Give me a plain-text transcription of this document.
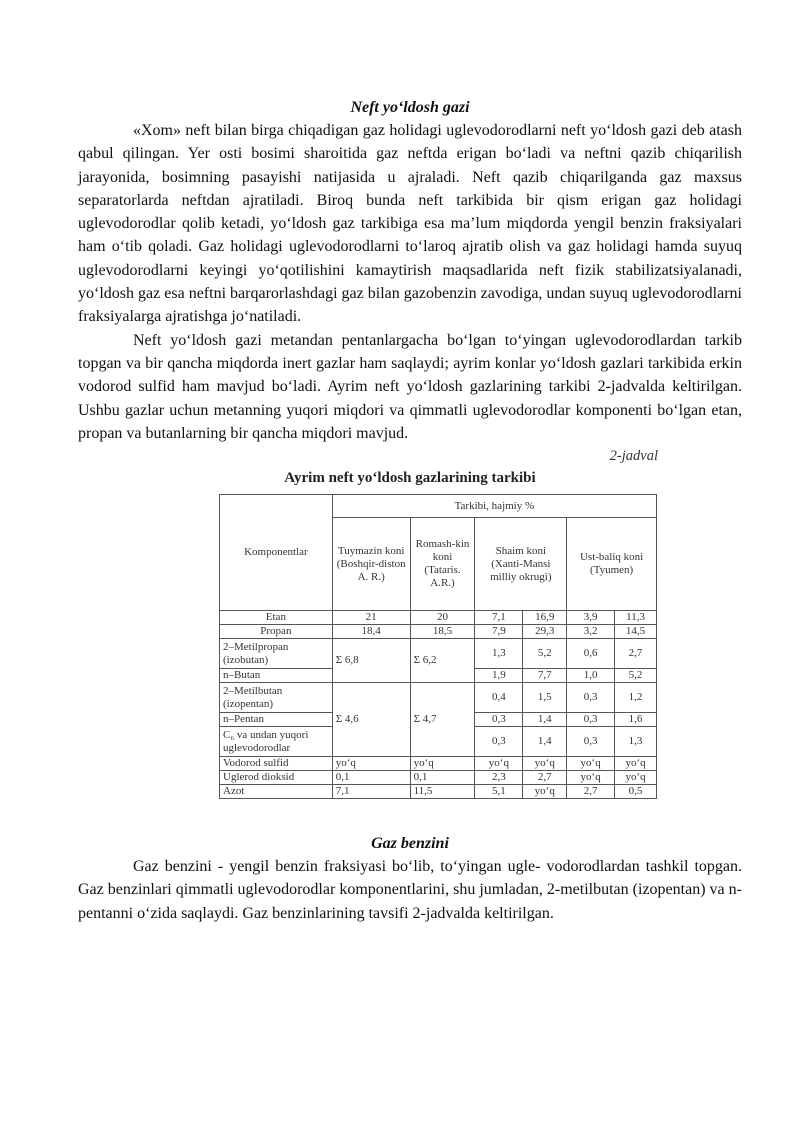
Neft yo‘ldosh gazi

«Xom» neft bilan birga chiqadigan gaz holidagi uglevodorodlarni neft yo‘ldosh gazi deb atash qabul qilingan. Yer osti bosimi sharoitida gaz neftda erigan bo‘ladi va neftni qazib chiqarilish jarayonida, bosimning pasayishi natijasida u ajraladi. Neft qazib chiqarilganda gaz maxsus separatorlarda neftdan ajratiladi. Biroq bunda neft tarkibida bir qism erigan gaz holidagi uglevodorodlar qolib ketadi, yo‘ldosh gaz tarkibiga esa ma’lum miqdorda yengil benzin fraksiyalari ham o‘tib qoladi. Gaz holidagi uglevodorodlarni to‘laroq ajratib olish va gaz holidagi hamda suyuq uglevodorodlarni keyingi yo‘qotilishini kamaytirish maqsadlarida neft fizik stabilizatsiyalanadi, yo‘ldosh gaz esa neftni barqarorlashdagi gaz bilan gazobenzin zavodiga, undan suyuq uglevodorodlarni fraksiyalarga ajratishga jo‘natiladi.

Neft yo‘ldosh gazi metandan pentanlargacha bo‘lgan to‘yingan uglevodorodlardan tarkib topgan va bir qancha miqdorda inert gazlar ham saqlaydi; ayrim konlar yo‘ldosh gazlari tarkibida erkin vodorod sulfid ham mavjud bo‘ladi. Ayrim neft yo‘ldosh gazlarining tarkibi 2-jadvalda keltirilgan. Ushbu gazlar uchun metanning yuqori miqdori va qimmatli uglevodorodlar komponenti bo‘lgan etan, propan va butanlarning bir qancha miqdori mavjud.

2-jadval
Ayrim neft yo‘ldosh gazlarining tarkibi
Komponentlar	Tarkibi, hajmiy %					
	Tuymazin koni (Boshqir-diston A. R.)	Romash-kin koni (Tataris. A.R.)	Shaim koni (Xanti-Mansi milliy okrugi)		Ust-baliq koni (Tyumen)	
Etan	21	20	7,1	16,9	3,9	11,3
Propan	18,4	18,5	7,9	29,3	3,2	14,5
2–Metilpropan (izobutan)	Σ 6,8	Σ 6,2	1,3	5,2	0,6	2,7
n–Butan			1,9	7,7	1,0	5,2
2–Metilbutan (izopentan)	Σ 4,6	Σ 4,7	0,4	1,5	0,3	1,2
n–Pentan			0,3	1,4	0,3	1,6
C₆ va undan yuqori uglevodorodlar			0,3	1,4	0,3	1,3
Vodorod sulfid	yo‘q	yo‘q	yo‘q	yo‘q	yo‘q	yo‘q
Uglerod dioksid	0,1	0,1	2,3	2,7	yo‘q	yo‘q
Azot	7,1	11,5	5,1	yo‘q	2,7	0,5
Gaz benzini

Gaz benzini - yengil benzin fraksiyasi bo‘lib, to‘yingan ugle- vodorodlardan tashkil topgan. Gaz benzinlari qimmatli uglevodorodlar komponentlarini, shu jumladan, 2-metilbutan (izopentan) va n-pentanni o‘zida saqlaydi. Gaz benzinlarining tavsifi 2-jadvalda keltirilgan.
